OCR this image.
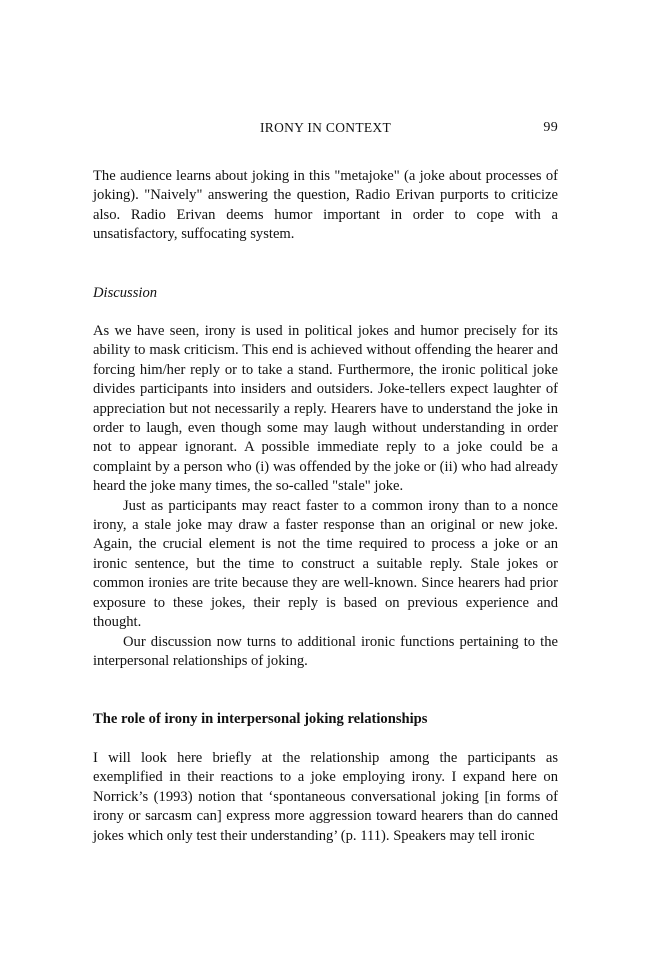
IRONY IN CONTEXT	99

The audience learns about joking in this "metajoke" (a joke about processes of joking). "Naively" answering the question, Radio Erivan purports to criticize also. Radio Erivan deems humor important in order to cope with a unsatisfactory, suffocating system.

Discussion

As we have seen, irony is used in political jokes and humor precisely for its ability to mask criticism. This end is achieved without offending the hearer and forcing him/her reply or to take a stand. Furthermore, the ironic political joke divides participants into insiders and outsiders. Joke-tellers expect laughter of appreciation but not necessarily a reply. Hearers have to understand the joke in order to laugh, even though some may laugh without understanding in order not to appear ignorant. A possible immediate reply to a joke could be a complaint by a person who (i) was offended by the joke or (ii) who had already heard the joke many times, the so-called "stale" joke.

Just as participants may react faster to a common irony than to a nonce irony, a stale joke may draw a faster response than an original or new joke. Again, the crucial element is not the time required to process a joke or an ironic sentence, but the time to construct a suitable reply. Stale jokes or common ironies are trite because they are well-known. Since hearers had prior exposure to these jokes, their reply is based on previous experience and thought.

Our discussion now turns to additional ironic functions pertaining to the interpersonal relationships of joking.

The role of irony in interpersonal joking relationships

I will look here briefly at the relationship among the participants as exemplified in their reactions to a joke employing irony. I expand here on Norrick’s (1993) notion that ‘spontaneous conversational joking [in forms of irony or sarcasm can] express more aggression toward hearers than do canned jokes which only test their understanding’ (p. 111). Speakers may tell ironic
